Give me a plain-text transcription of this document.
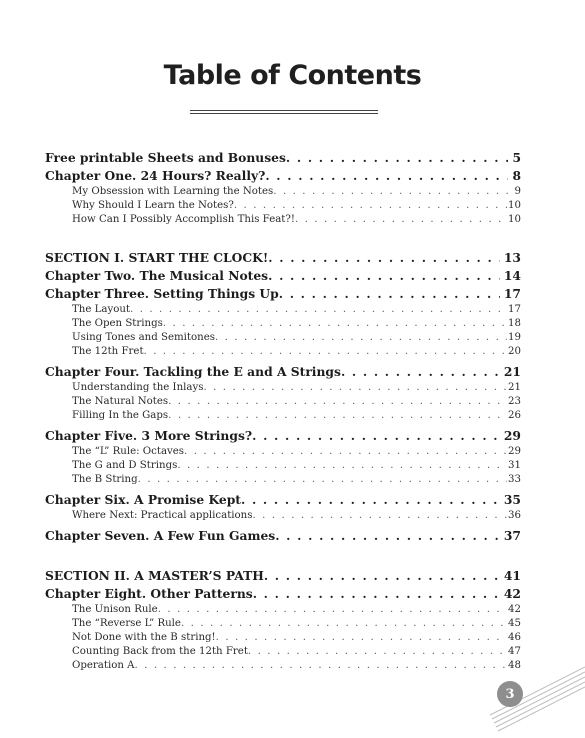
Table of Contents
Free printable Sheets and Bonuses . . .	5
Chapter One. 24 Hours? Really? . . .	8
My Obsession with Learning the Notes . . .	9
Why Should I Learn the Notes? . . .	10
How Can I Possibly Accomplish This Feat?! . . .	10
SECTION I. START THE CLOCK! . . .	13
Chapter Two. The Musical Notes . . .	14
Chapter Three. Setting Things Up . . .	17
The Layout . . .	17
The Open Strings . . .	18
Using Tones and Semitones . . .	19
The 12th Fret . . .	20
Chapter Four. Tackling the E and A Strings . . .	21
Understanding the Inlays . . .	21
The Natural Notes . . .	23
Filling In the Gaps . . .	26
Chapter Five. 3 More Strings? . . .	29
The “L” Rule: Octaves . . .	29
The G and D Strings . . .	31
The B String . . .	33
Chapter Six. A Promise Kept . . .	35
Where Next: Practical applications . . .	36
Chapter Seven. A Few Fun Games . . .	37
SECTION II. A MASTER’S PATH . . .	41
Chapter Eight. Other Patterns . . .	42
The Unison Rule . . .	42
The “Reverse L” Rule . . .	45
Not Done with the B string! . . .	46
Counting Back from the 12th Fret . . .	47
Operation A . . .	48
3
